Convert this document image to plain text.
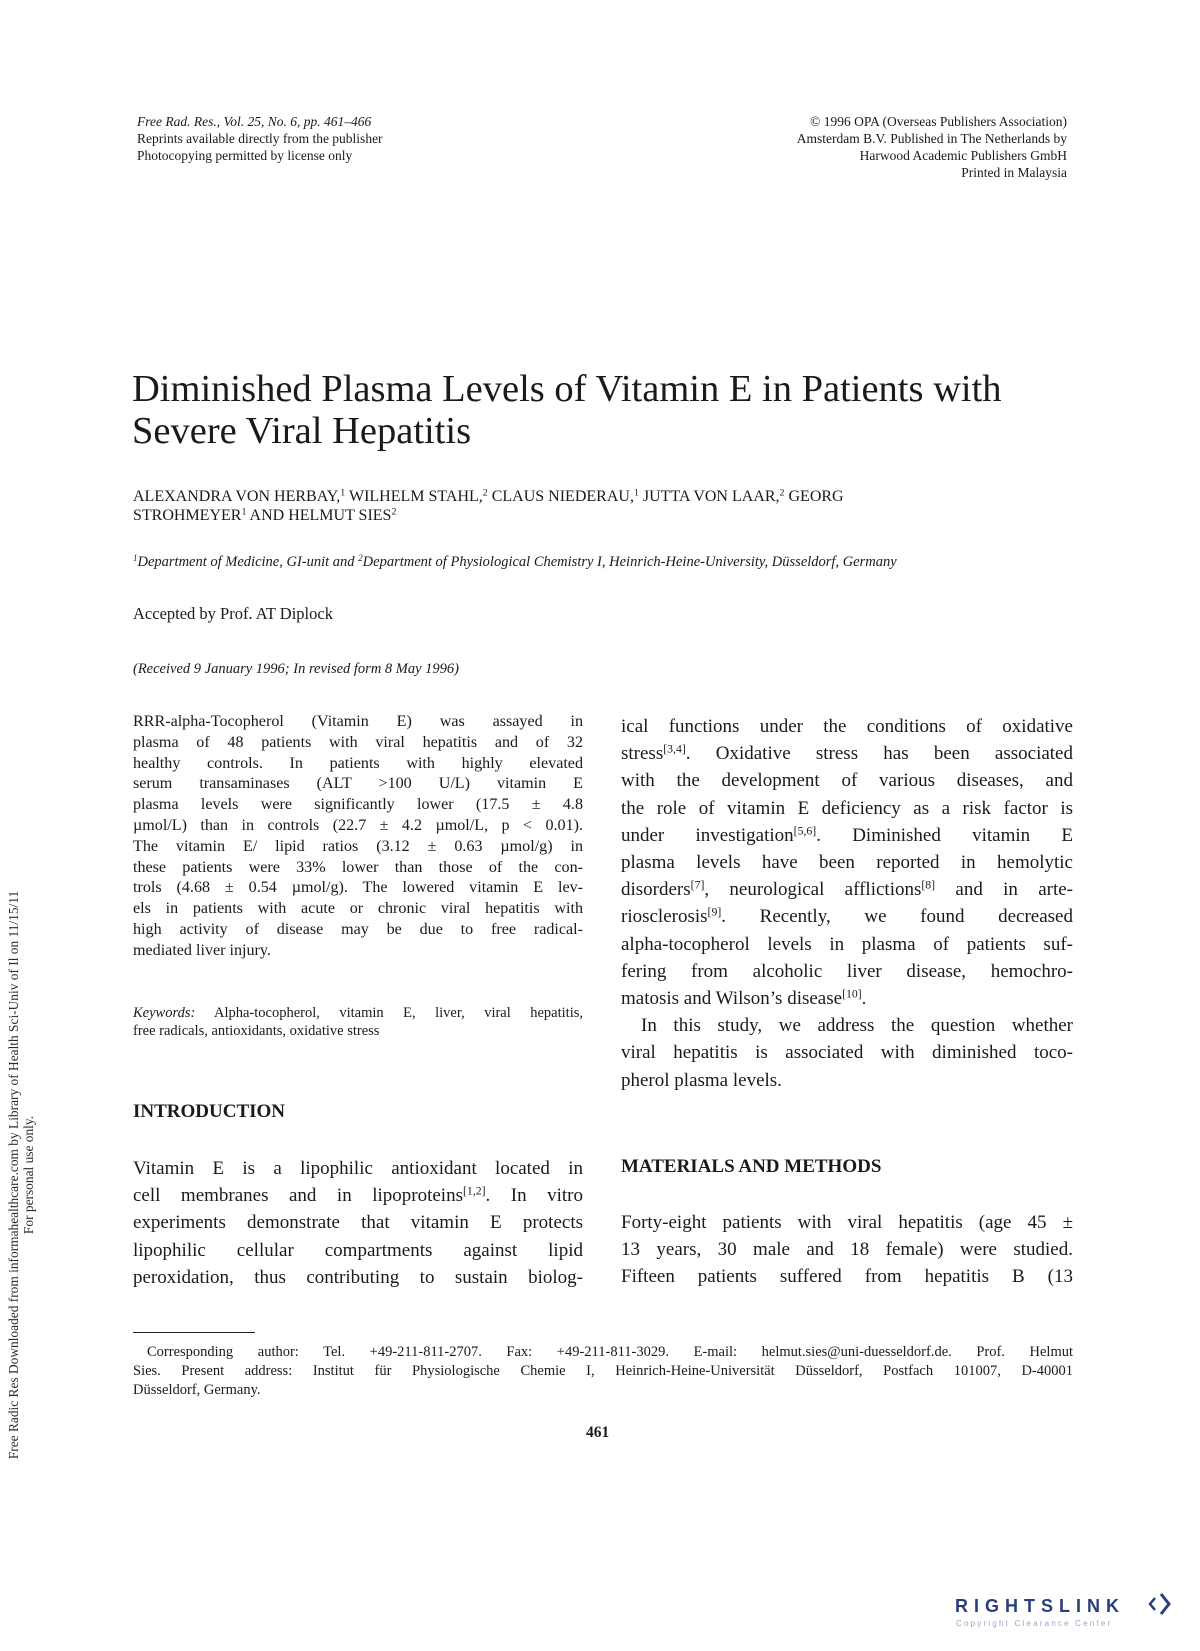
Free Rad. Res., Vol. 25, No. 6, pp. 461–466
Reprints available directly from the publisher
Photocopying permitted by license only
© 1996 OPA (Overseas Publishers Association)
Amsterdam B.V. Published in The Netherlands by
Harwood Academic Publishers GmbH
Printed in Malaysia
Diminished Plasma Levels of Vitamin E in Patients with
Severe Viral Hepatitis
ALEXANDRA VON HERBAY,$^1$ WILHELM STAHL,$^2$ CLAUS NIEDERAU,$^1$ JUTTA VON LAAR,$^2$ GEORG
STROHMEYER$^1$ AND HELMUT SIES$^2$
$^1$Department of Medicine, GI-unit and $^2$Department of Physiological Chemistry I, Heinrich-Heine-University, Düsseldorf, Germany
Accepted by Prof. AT Diplock
(Received 9 January 1996; In revised form 8 May 1996)
RRR-alpha-Tocopherol (Vitamin E) was assayed in
plasma of 48 patients with viral hepatitis and of 32
healthy controls. In patients with highly elevated
serum transaminases (ALT >100 U/L) vitamin E
plasma levels were significantly lower (17.5 ± 4.8
µmol/L) than in controls (22.7 ± 4.2 µmol/L, p < 0.01).
The vitamin E/ lipid ratios (3.12 ± 0.63 µmol/g) in
these patients were 33% lower than those of the con-
trols (4.68 ± 0.54 µmol/g). The lowered vitamin E lev-
els in patients with acute or chronic viral hepatitis with
high activity of disease may be due to free radical-
mediated liver injury.
Keywords: Alpha-tocopherol, vitamin E, liver, viral hepatitis,
free radicals, antioxidants, oxidative stress
INTRODUCTION
Vitamin E is a lipophilic antioxidant located in
cell membranes and in lipoproteins[1,2]. In vitro
experiments demonstrate that vitamin E protects
lipophilic cellular compartments against lipid
peroxidation, thus contributing to sustain biolog-
ical functions under the conditions of oxidative
stress[3,4]. Oxidative stress has been associated
with the development of various diseases, and
the role of vitamin E deficiency as a risk factor is
under investigation[5,6]. Diminished vitamin E
plasma levels have been reported in hemolytic
disorders[7], neurological afflictions[8] and in arte-
riosclerosis[9]. Recently, we found decreased
alpha-tocopherol levels in plasma of patients suf-
fering from alcoholic liver disease, hemochro-
matosis and Wilson’s disease[10].
In this study, we address the question whether
viral hepatitis is associated with diminished toco-
pherol plasma levels.
MATERIALS AND METHODS
Forty-eight patients with viral hepatitis (age 45 ±
13 years, 30 male and 18 female) were studied.
Fifteen patients suffered from hepatitis B (13
Corresponding author: Tel. +49-211-811-2707. Fax: +49-211-811-3029. E-mail: helmut.sies@uni-duesseldorf.de. Prof. Helmut
Sies. Present address: Institut für Physiologische Chemie I, Heinrich-Heine-Universität Düsseldorf, Postfach 101007, D-40001
Düsseldorf, Germany.
461
Free Radic Res Downloaded from informahealthcare.com by Library of Health Sci-Univ of Il on 11/15/11 For personal use only.
RIGHTSLINK
Copyright Clearance Center
